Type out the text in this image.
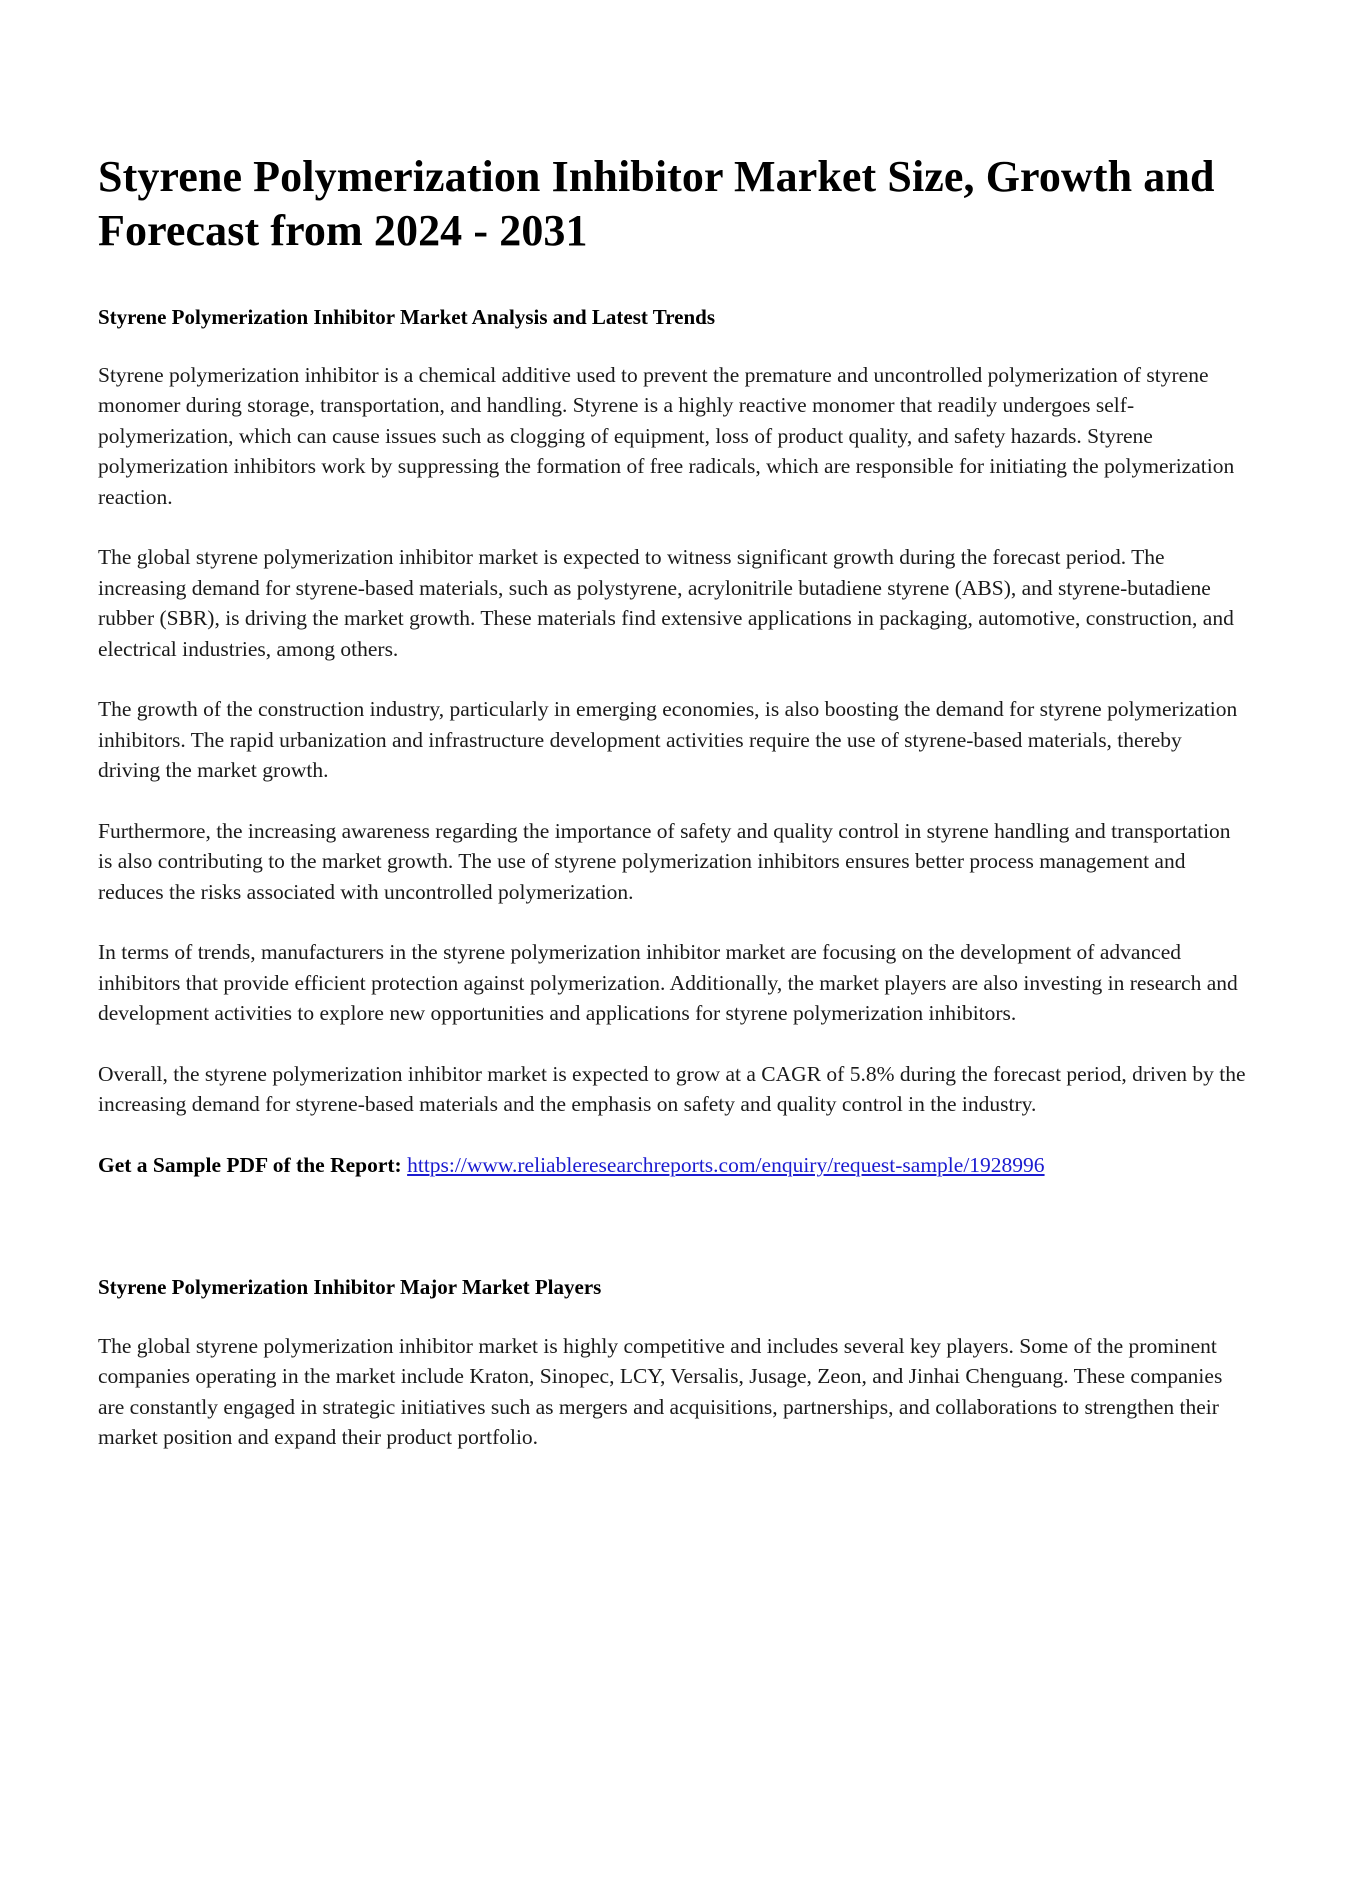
Styrene Polymerization Inhibitor Market Size, Growth and Forecast from 2024 - 2031
Styrene Polymerization Inhibitor Market Analysis and Latest Trends

Styrene polymerization inhibitor is a chemical additive used to prevent the premature and uncontrolled polymerization of styrene monomer during storage, transportation, and handling. Styrene is a highly reactive monomer that readily undergoes self-polymerization, which can cause issues such as clogging of equipment, loss of product quality, and safety hazards. Styrene polymerization inhibitors work by suppressing the formation of free radicals, which are responsible for initiating the polymerization reaction.

The global styrene polymerization inhibitor market is expected to witness significant growth during the forecast period. The increasing demand for styrene-based materials, such as polystyrene, acrylonitrile butadiene styrene (ABS), and styrene-butadiene rubber (SBR), is driving the market growth. These materials find extensive applications in packaging, automotive, construction, and electrical industries, among others.

The growth of the construction industry, particularly in emerging economies, is also boosting the demand for styrene polymerization inhibitors. The rapid urbanization and infrastructure development activities require the use of styrene-based materials, thereby driving the market growth.

Furthermore, the increasing awareness regarding the importance of safety and quality control in styrene handling and transportation is also contributing to the market growth. The use of styrene polymerization inhibitors ensures better process management and reduces the risks associated with uncontrolled polymerization.

In terms of trends, manufacturers in the styrene polymerization inhibitor market are focusing on the development of advanced inhibitors that provide efficient protection against polymerization. Additionally, the market players are also investing in research and development activities to explore new opportunities and applications for styrene polymerization inhibitors.

Overall, the styrene polymerization inhibitor market is expected to grow at a CAGR of 5.8% during the forecast period, driven by the increasing demand for styrene-based materials and the emphasis on safety and quality control in the industry.

Get a Sample PDF of the Report: https://www.reliableresearchreports.com/enquiry/request-sample/1928996

Styrene Polymerization Inhibitor Major Market Players

The global styrene polymerization inhibitor market is highly competitive and includes several key players. Some of the prominent companies operating in the market include Kraton, Sinopec, LCY, Versalis, Jusage, Zeon, and Jinhai Chenguang. These companies are constantly engaged in strategic initiatives such as mergers and acquisitions, partnerships, and collaborations to strengthen their market position and expand their product portfolio.
